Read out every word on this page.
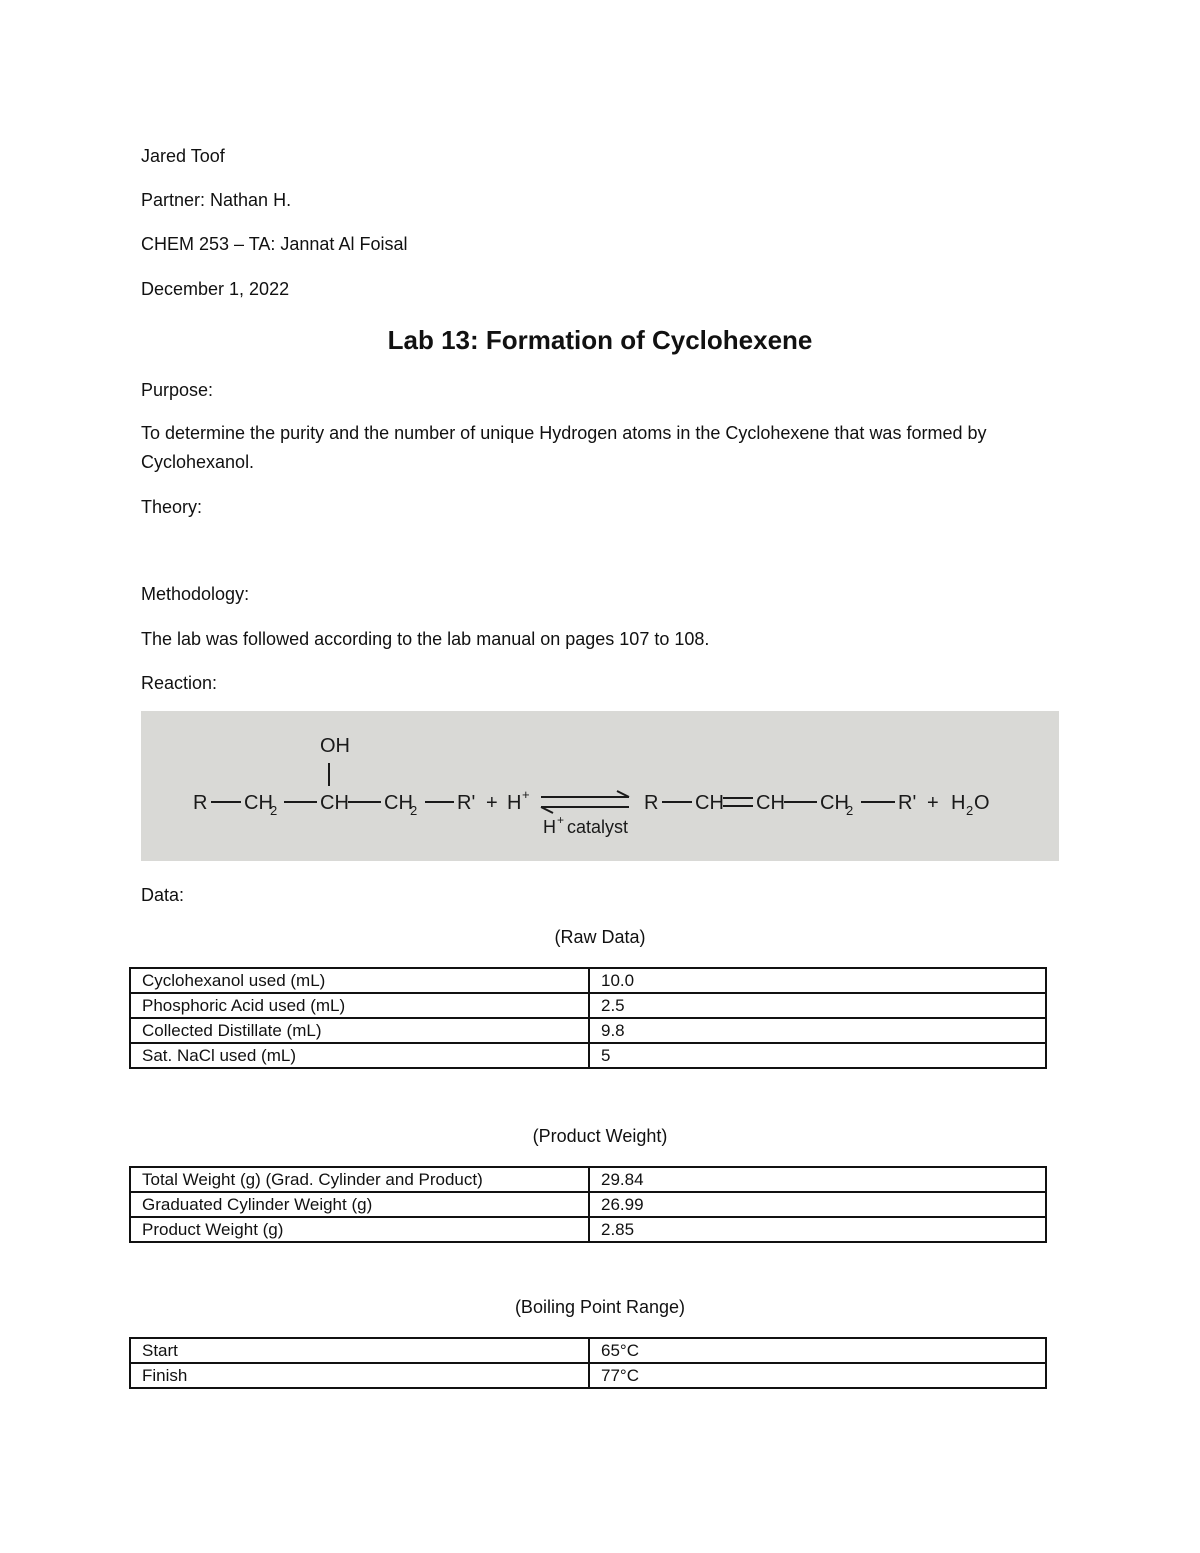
Jared Toof
Partner: Nathan H.
CHEM 253 – TA: Jannat Al Foisal
December 1, 2022
Lab 13: Formation of Cyclohexene
Purpose:
To determine the purity and the number of unique Hydrogen atoms in the Cyclohexene that was formed by Cyclohexanol.
Theory:
Methodology:
The lab was followed according to the lab manual on pages 107 to 108.
Reaction:
OH
R CH
2 CH CH
2 R' + H +
H + catalyst
R CH CH CH
2 R' + H 2 O
Data:
(Raw Data)
Cyclohexanol used (mL)	10.0
Phosphoric Acid used (mL)	2.5
Collected Distillate (mL)	9.8
Sat. NaCl used (mL)	5
(Product Weight)
Total Weight (g) (Grad. Cylinder and Product)	29.84
Graduated Cylinder Weight (g)	26.99
Product Weight (g)	2.85
(Boiling Point Range)
Start	65°C
Finish	77°C
